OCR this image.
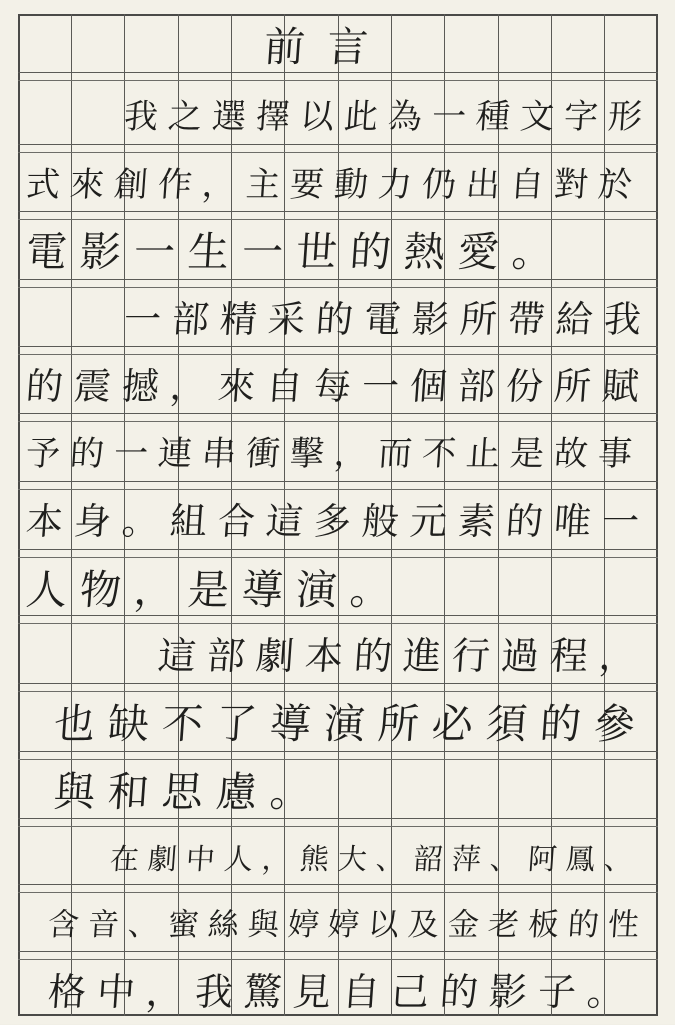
前言
我之選擇以此為一種文字形
式來創作，主要動力仍出自對於
電影一生一世的熱愛。
一部精采的電影所帶給我
的震撼，來自每一個部份所賦
予的一連串衝擊，而不止是故事
本身。組合這多般元素的唯一
人物，是導演。
這部劇本的進行過程，
也缺不了導演所必須的參
與和思慮。
在劇中人，熊大、韶萍、阿鳳、
含音、蜜絲與婷婷以及金老板的性
格中，我驚見自己的影子。
